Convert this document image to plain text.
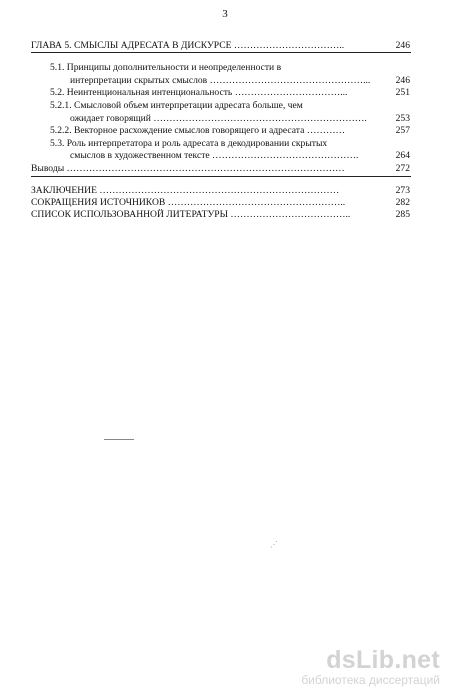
3
ГЛАВА 5. СМЫСЛЫ АДРЕСАТА В ДИСКУРСЕ ……………………………..	246
5.1. Принципы дополнительности и неопределенности в
интерпретации скрытых смыслов …………………………………………...	246
5.2. Неинтенциональная интенциональность ……………………………...	251
5.2.1. Смысловой объем интерпретации адресата больше, чем
ожидает говорящий ………………………………………………………….	253
5.2.2. Векторное расхождение смыслов говорящего и адресата …………	257
5.3. Роль интерпретатора и роль адресата в декодировании скрытых
смыслов в художественном тексте ……………………………………….	264
Выводы ……………………………………………………………………………	272
ЗАКЛЮЧЕНИЕ …………………………………………………………………	273
СОКРАЩЕНИЯ ИСТОЧНИКОВ ………………………………………………..	282
СПИСОК ИСПОЛЬЗОВАННОЙ ЛИТЕРАТУРЫ ………………………………..	285
⋰
dsLib.net
библиотека диссертаций
